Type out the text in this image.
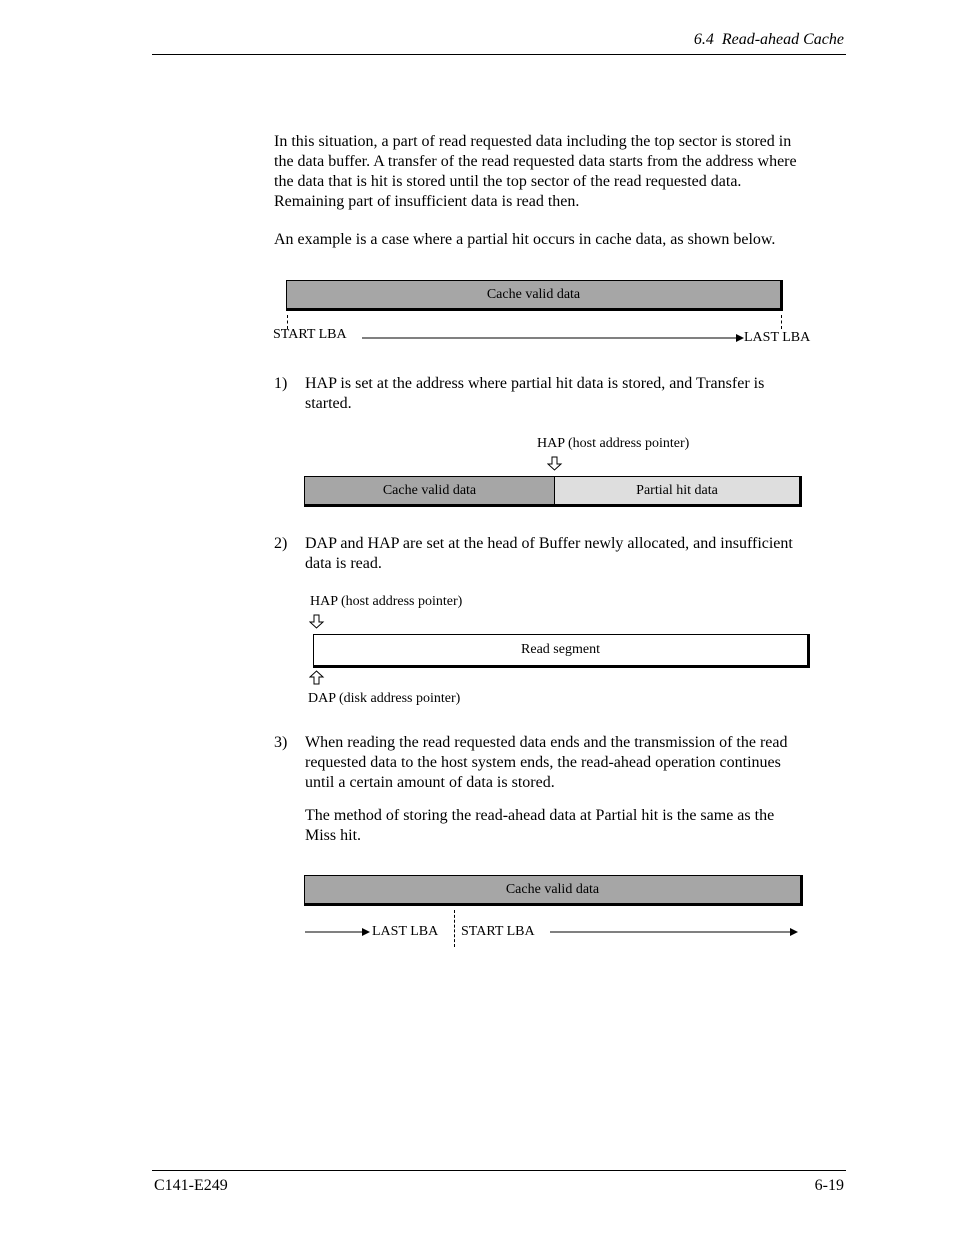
6.4 Read-ahead Cache
In this situation, a part of read requested data including the top sector is stored in
the data buffer. A transfer of the read requested data starts from the address where
the data that is hit is stored until the top sector of the read requested data.
Remaining part of insufficient data is read then.
An example is a case where a partial hit occurs in cache data, as shown below.
Cache valid data
START LBA	LAST LBA
1) HAP is set at the address where partial hit data is stored, and Transfer is
started.
HAP (host address pointer)
Cache valid data	Partial hit data
2) DAP and HAP are set at the head of Buffer newly allocated, and insufficient
data is read.
HAP (host address pointer)
Read segment
DAP (disk address pointer)
3) When reading the read requested data ends and the transmission of the read
requested data to the host system ends, the read-ahead operation continues
until a certain amount of data is stored.
The method of storing the read-ahead data at Partial hit is the same as the
Miss hit.
Cache valid data
LAST LBA START LBA
C141-E249	6-19
